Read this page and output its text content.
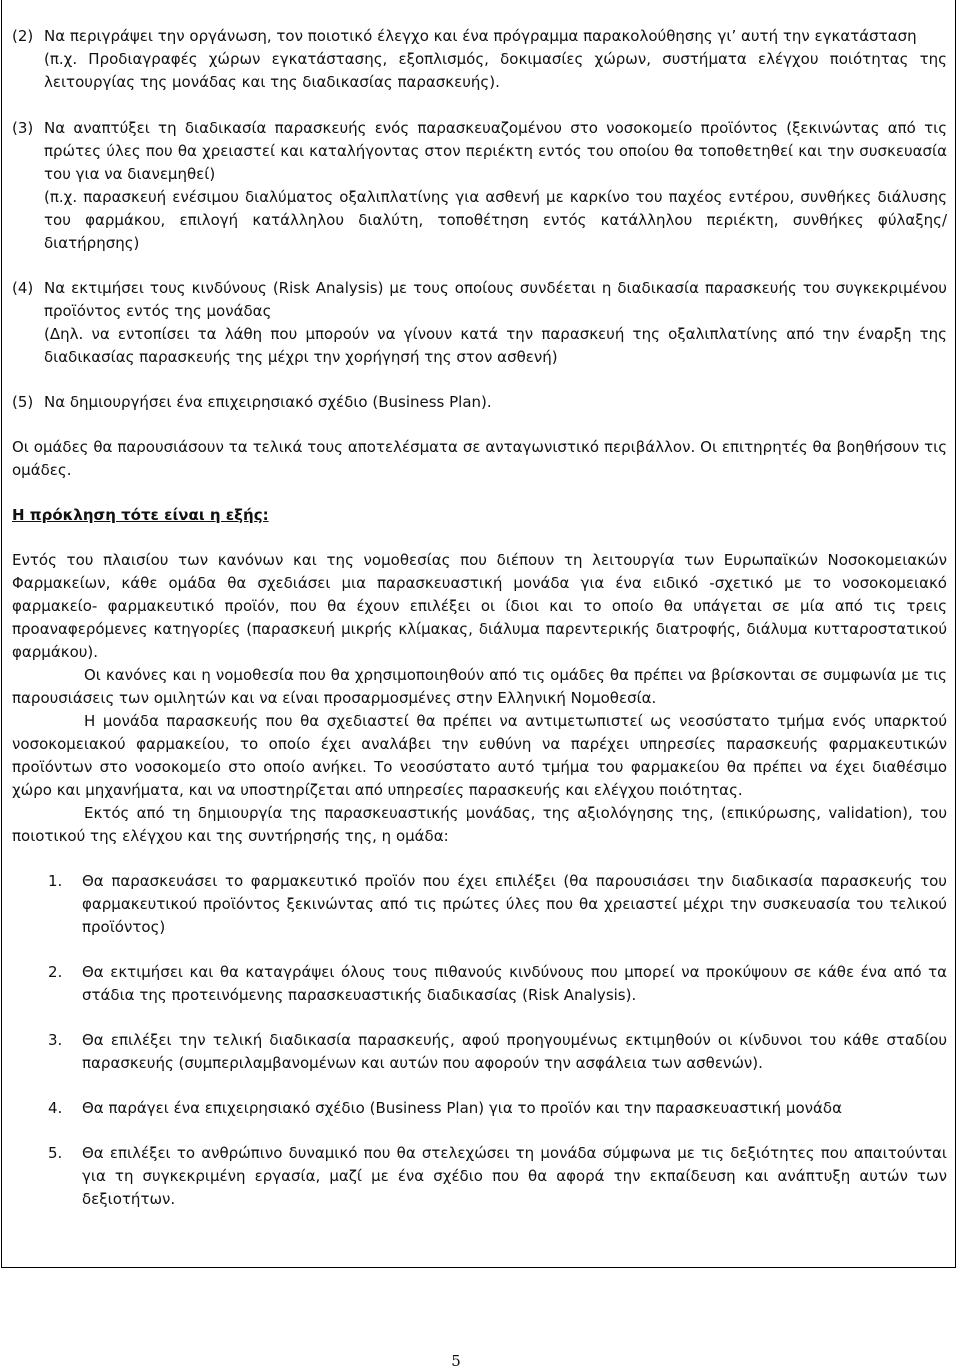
(2) Να περιγράψει την οργάνωση, τον ποιοτικό έλεγχο και ένα πρόγραμμα παρακολούθησης γι’ αυτή την εγκατάσταση

(π.χ. Προδιαγραφές χώρων εγκατάστασης, εξοπλισμός, δοκιμασίες χώρων, συστήματα ελέγχου ποιότητας της λειτουργίας της μονάδας και της διαδικασίας παρασκευής).

(3) Να αναπτύξει τη διαδικασία παρασκευής ενός παρασκευαζομένου στο νοσοκομείο προϊόντος (ξεκινώντας από τις πρώτες ύλες που θα χρειαστεί και καταλήγοντας στον περιέκτη εντός του οποίου θα τοποθετηθεί και την συσκευασία του για να διανεμηθεί)

(π.χ. παρασκευή ενέσιμου διαλύματος οξαλιπλατίνης για ασθενή με καρκίνο του παχέος εντέρου, συνθήκες διάλυσης του φαρμάκου, επιλογή κατάλληλου διαλύτη, τοποθέτηση εντός κατάλληλου περιέκτη, συνθήκες φύλαξης/διατήρησης)

(4) Να εκτιμήσει τους κινδύνους (Risk Analysis) με τους οποίους συνδέεται η διαδικασία παρασκευής του συγκεκριμένου προϊόντος εντός της μονάδας

(Δηλ. να εντοπίσει τα λάθη που μπορούν να γίνουν κατά την παρασκευή της οξαλιπλατίνης από την έναρξη της διαδικασίας παρασκευής της μέχρι την χορήγησή της στον ασθενή)

(5) Να δημιουργήσει ένα επιχειρησιακό σχέδιο (Business Plan).

Οι ομάδες θα παρουσιάσουν τα τελικά τους αποτελέσματα σε ανταγωνιστικό περιβάλλον. Οι επιτηρητές θα βοηθήσουν τις ομάδες.

Η πρόκληση τότε είναι η εξής:

Εντός του πλαισίου των κανόνων και της νομοθεσίας που διέπουν τη λειτουργία των Ευρωπαϊκών Νοσοκομειακών Φαρμακείων, κάθε ομάδα θα σχεδιάσει μια παρασκευαστική μονάδα για ένα ειδικό -σχετικό με το νοσοκομειακό φαρμακείο- φαρμακευτικό προϊόν, που θα έχουν επιλέξει οι ίδιοι και το οποίο θα υπάγεται σε μία από τις τρεις προαναφερόμενες κατηγορίες (παρασκευή μικρής κλίμακας, διάλυμα παρεντερικής διατροφής, διάλυμα κυτταροστατικού φαρμάκου).

Οι κανόνες και η νομοθεσία που θα χρησιμοποιηθούν από τις ομάδες θα πρέπει να βρίσκονται σε συμφωνία με τις παρουσιάσεις των ομιλητών και να είναι προσαρμοσμένες στην Ελληνική Νομοθεσία.

Η μονάδα παρασκευής που θα σχεδιαστεί θα πρέπει να αντιμετωπιστεί ως νεοσύστατο τμήμα ενός υπαρκτού νοσοκομειακού φαρμακείου, το οποίο έχει αναλάβει την ευθύνη να παρέχει υπηρεσίες παρασκευής φαρμακευτικών προϊόντων στο νοσοκομείο στο οποίο ανήκει. Το νεοσύστατο αυτό τμήμα του φαρμακείου θα πρέπει να έχει διαθέσιμο χώρο και μηχανήματα, και να υποστηρίζεται από υπηρεσίες παρασκευής και ελέγχου ποιότητας.

Εκτός από τη δημιουργία της παρασκευαστικής μονάδας, της αξιολόγησης της, (επικύρωσης, validation), του ποιοτικού της ελέγχου και της συντήρησής της, η ομάδα:

1. Θα παρασκευάσει το φαρμακευτικό προϊόν που έχει επιλέξει (θα παρουσιάσει την διαδικασία παρασκευής του φαρμακευτικού προϊόντος ξεκινώντας από τις πρώτες ύλες που θα χρειαστεί μέχρι την συσκευασία του τελικού προϊόντος)

2. Θα εκτιμήσει και θα καταγράψει όλους τους πιθανούς κινδύνους που μπορεί να προκύψουν σε κάθε ένα από τα στάδια της προτεινόμενης παρασκευαστικής διαδικασίας (Risk Analysis).

3. Θα επιλέξει την τελική διαδικασία παρασκευής, αφού προηγουμένως εκτιμηθούν οι κίνδυνοι του κάθε σταδίου παρασκευής (συμπεριλαμβανομένων και αυτών που αφορούν την ασφάλεια των ασθενών).

4. Θα παράγει ένα επιχειρησιακό σχέδιο (Business Plan) για το προϊόν και την παρασκευαστική μονάδα

5. Θα επιλέξει το ανθρώπινο δυναμικό που θα στελεχώσει τη μονάδα σύμφωνα με τις δεξιότητες που απαιτούνται για τη συγκεκριμένη εργασία, μαζί με ένα σχέδιο που θα αφορά την εκπαίδευση και ανάπτυξη αυτών των δεξιοτήτων.

5
